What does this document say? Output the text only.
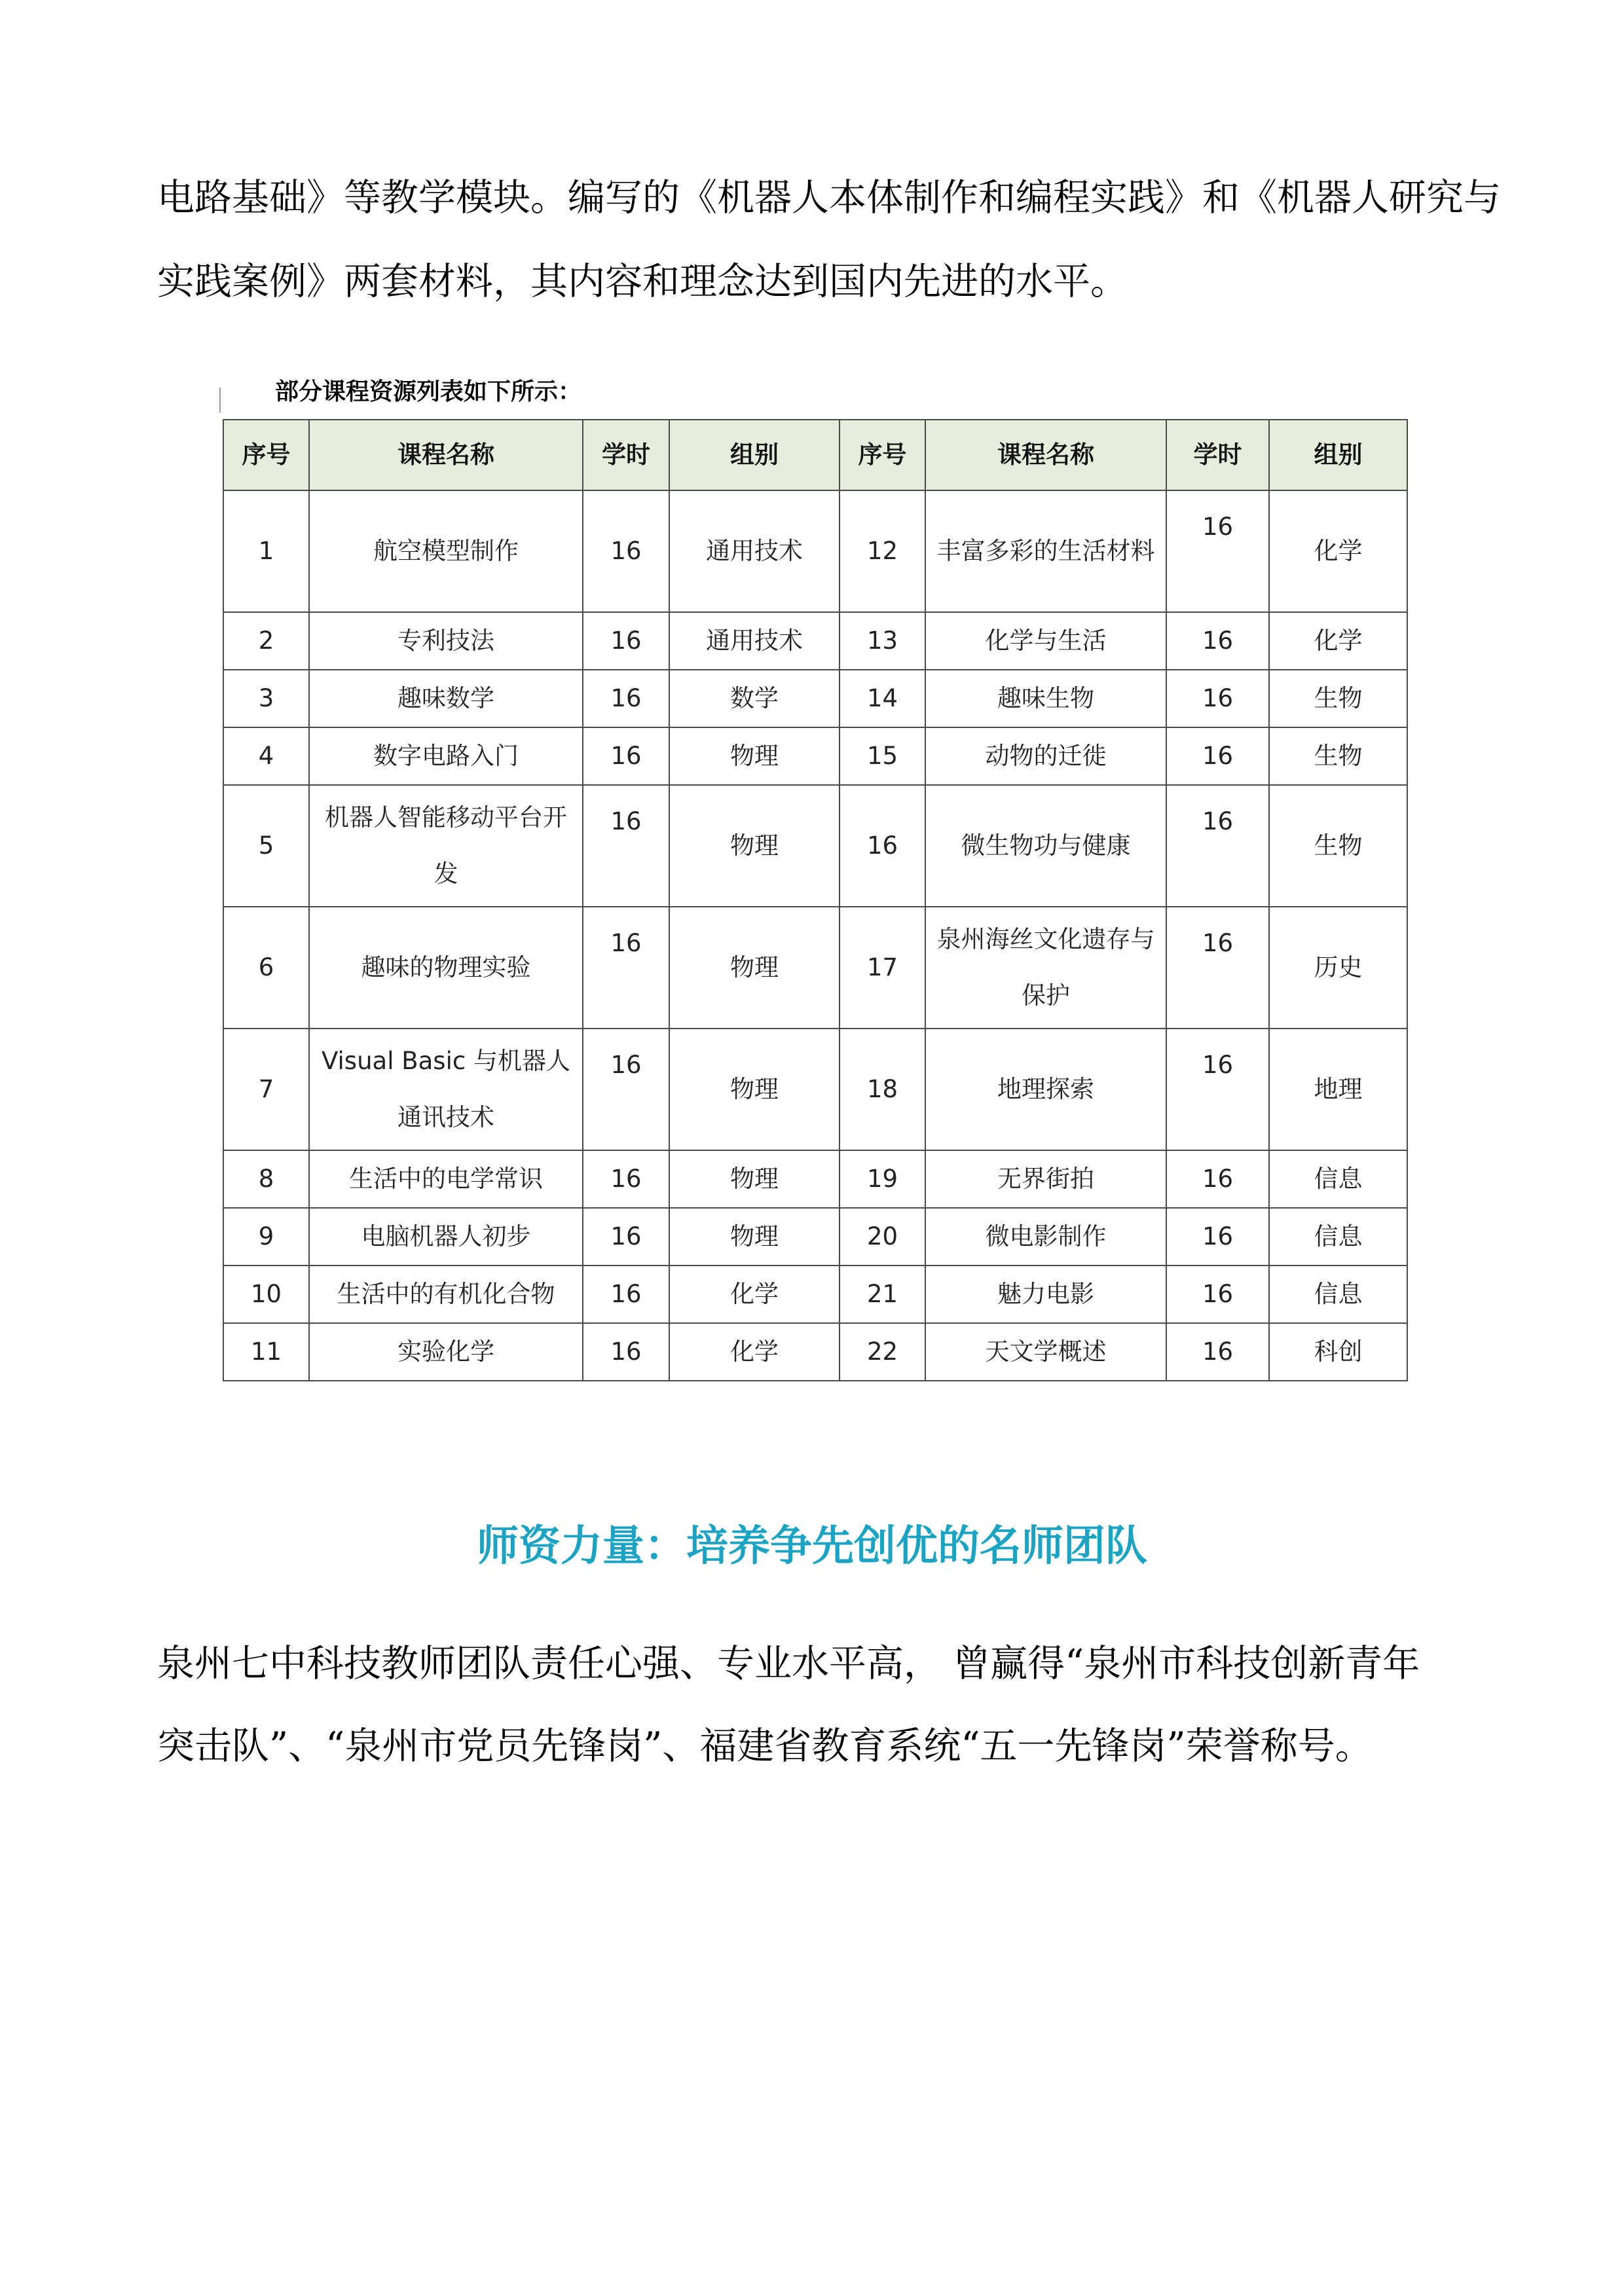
电路基础》等教学模块。编写的《机器人本体制作和编程实践》和《机器人研究与

实践案例》两套材料，其内容和理念达到国内先进的水平。

部分课程资源列表如下所示：
序号	课程名称	学时	组别	序号	课程名称	学时	组别
1	航空模型制作	16	通用技术	12	丰富多彩的生活材料	16	化学
2	专利技法	16	通用技术	13	化学与生活	16	化学
3	趣味数学	16	数学	14	趣味生物	16	生物
4	数字电路入门	16	物理	15	动物的迁徙	16	生物
5	机器人智能移动平台开发	16	物理	16	微生物功与健康	16	生物
6	趣味的物理实验	16	物理	17	泉州海丝文化遗存与保护	16	历史
7	Visual Basic 与机器人通讯技术	16	物理	18	地理探索	16	地理
8	生活中的电学常识	16	物理	19	无界街拍	16	信息
9	电脑机器人初步	16	物理	20	微电影制作	16	信息
10	生活中的有机化合物	16	化学	21	魅力电影	16	信息
11	实验化学	16	化学	22	天文学概述	16	科创
师资力量：培养争先创优的名师团队

泉州七中科技教师团队责任心强、专业水平高， 曾赢得“泉州市科技创新青年

突击队”、“泉州市党员先锋岗”、福建省教育系统“五一先锋岗”荣誉称号。
